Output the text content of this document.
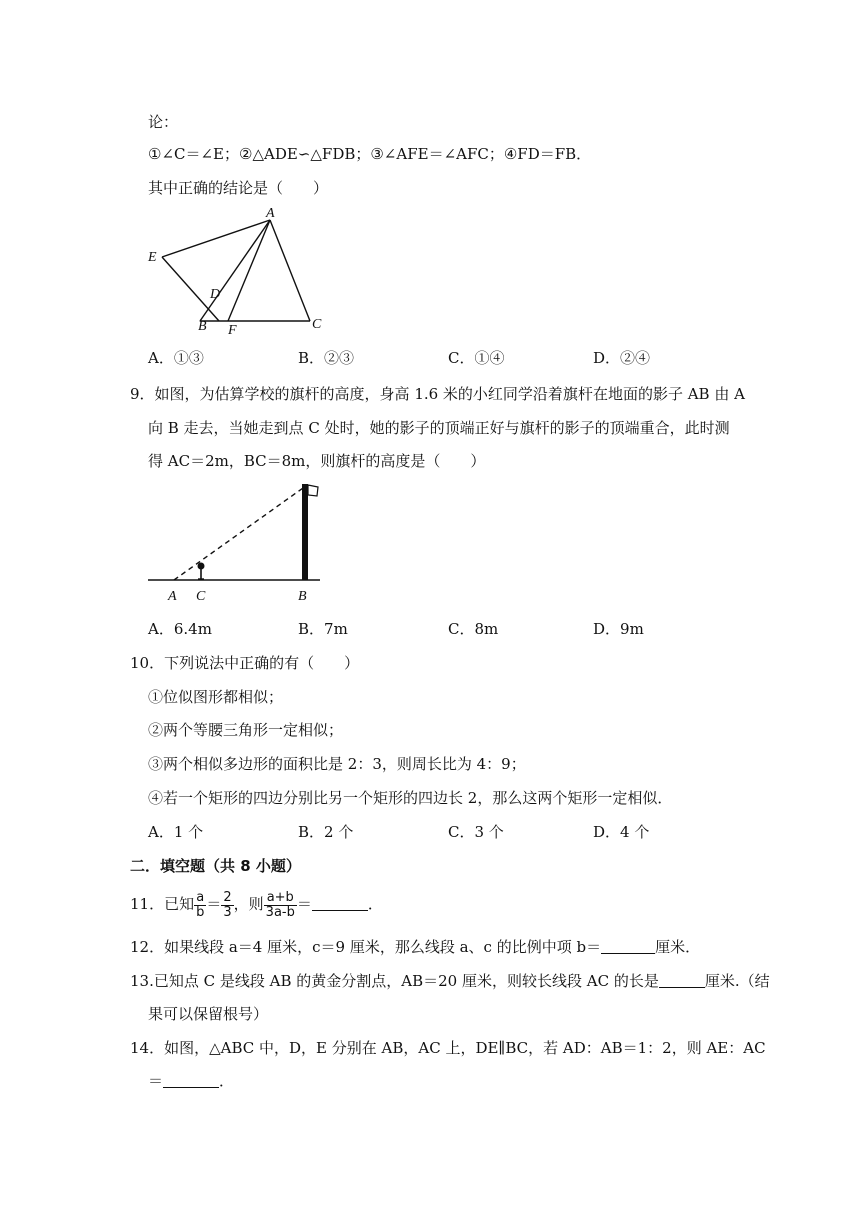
论：
①∠C＝∠E；②△ADE∽△FDB；③∠AFE＝∠AFC；④FD＝FB．
其中正确的结论是（　　）
A
E
D
B F	C
A．①③	B．②③	C．①④	D．②④
9．如图，为估算学校的旗杆的高度，身高 1.6 米的小红同学沿着旗杆在地面的影子 AB 由 A
向 B 走去，当她走到点 C 处时，她的影子的顶端正好与旗杆的影子的顶端重合，此时测
得 AC＝2m，BC＝8m，则旗杆的高度是（　　）
A C	B
A．6.4m	B．7m	C．8m	D．9m
10．下列说法中正确的有（　　）
①位似图形都相似；
②两个等腰三角形一定相似；
③两个相似多边形的面积比是 2：3，则周长比为 4：9；
④若一个矩形的四边分别比另一个矩形的四边长 2，那么这两个矩形一定相似．
A．1 个	B．2 个	C．3 个	D．4 个
二．填空题（共 8 小题）
11．已知 $\frac{a}{b} = \frac{2}{3}$ ，则 $\frac{a+b}{3a-b}$ ＝	．
12．如果线段 a＝4 厘米，c＝9 厘米，那么线段 a、c 的比例中项 b＝	厘米．
13.已知点 C 是线段 AB 的黄金分割点，AB＝20 厘米，则较长线段 AC 的长是	厘米.（结
果可以保留根号）
14．如图，△ABC 中，D，E 分别在 AB，AC 上，DE∥BC，若 AD：AB＝1：2，则 AE：AC
＝	．
